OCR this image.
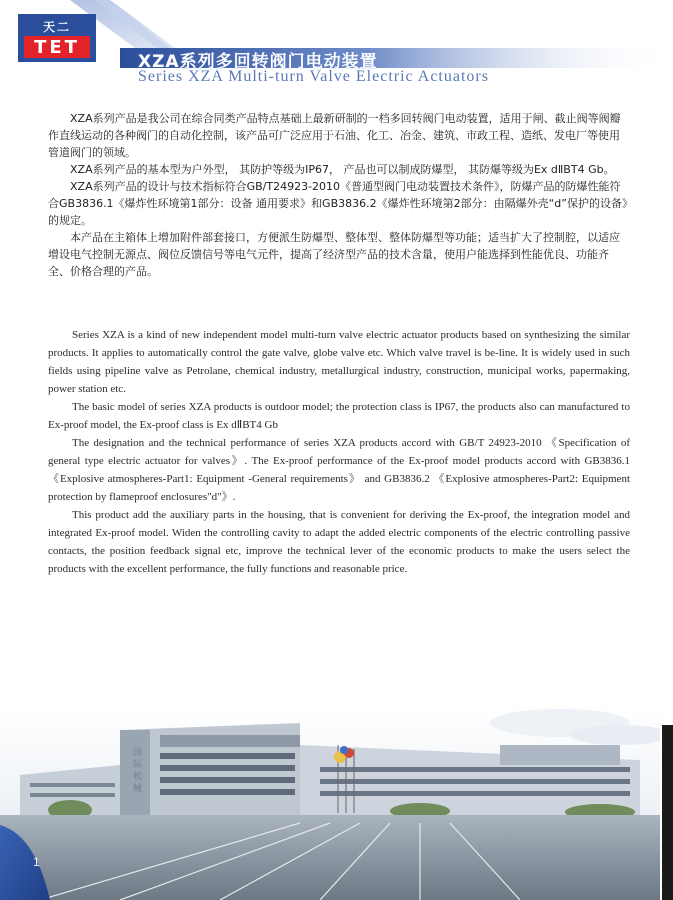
天二
TET
XZA系列多回转阀门电动装置
Series XZA Multi-turn Valve Electric Actuators

XZA系列产品是我公司在综合同类产品特点基础上最新研制的一档多回转阀门电动装置，适用于闸、截止阀等阀瓣作直线运动的各种阀门的自动化控制，该产品可广泛应用于石油、化工、冶金、建筑、市政工程、造纸、发电厂等使用管道阀门的领域。

XZA系列产品的基本型为户外型， 其防护等级为IP67， 产品也可以制成防爆型， 其防爆等级为Ex dⅡBT4 Gb。

XZA系列产品的设计与技术指标符合GB/T24923-2010《普通型阀门电动装置技术条件》，防爆产品的防爆性能符合GB3836.1《爆炸性环境第1部分：设备 通用要求》和GB3836.2《爆炸性环境第2部分：由隔爆外壳“d”保护的设备》的规定。

本产品在主箱体上增加附件部套接口，方便派生防爆型、整体型、整体防爆型等功能；适当扩大了控制腔，以适应增设电气控制无源点、阀位反馈信号等电气元件，提高了经济型产品的技术含量，使用户能选择到性能优良、功能齐全、价格合理的产品。

Series XZA is a kind of new independent model multi-turn valve electric actuator products based on synthesizing the similar products. It applies to automatically control the gate valve, globe valve etc. Which valve travel is be-line. It is widely used in such fields using pipeline valve as Petrolane, chemical industry, metallurgical industry, construction, municipal works, papermaking, power station etc.

The basic model of series XZA products is outdoor model; the protection class is IP67, the products also can manufactured to Ex-proof model, the Ex-proof class is Ex dⅡBT4 Gb

The designation and the technical performance of series XZA products accord with GB/T 24923-2010 《Specification of general type electric actuator for valves》. The Ex-proof performance of the Ex-proof model products accord with GB3836.1《Explosive atmospheres-Part1: Equipment -General requirements》 and GB3836.2 《Explosive atmospheres-Part2: Equipment protection by flameproof enclosures"d"》.

This product add the auxiliary parts in the housing, that is convenient for deriving the Ex-proof, the integration model and integrated Ex-proof model. Widen the controlling cavity to adapt the added electric components of the electric controlling passive contacts, the position feedback signal etc, improve the technical lever of the economic products to make the users select the products with the excellent performance, the fully functions and reasonable price.

国际机械
1
